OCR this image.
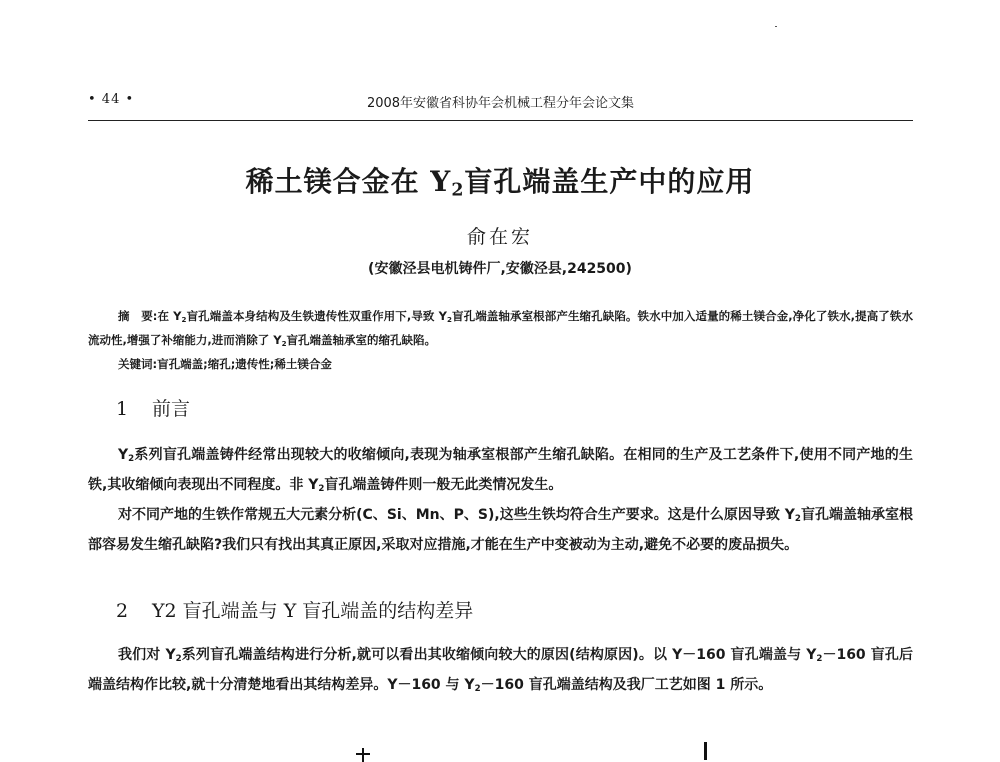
• 44 •	2008年安徽省科协年会机械工程分年会论文集
稀土镁合金在 $Y_2$盲孔端盖生产中的应用
俞在宏
(安徽泾县电机铸件厂,安徽泾县,242500)
摘　要:在 $Y_2$盲孔端盖本身结构及生铁遗传性双重作用下,导致 $Y_2$盲孔端盖轴承室根部产生缩孔缺陷。铁水中加入适量的稀土镁合金,净化了铁水,提高了铁水流动性,增强了补缩能力,进而消除了 $Y_2$盲孔端盖轴承室的缩孔缺陷。
关键词:盲孔端盖;缩孔;遗传性;稀土镁合金
1 前言

$Y_2$系列盲孔端盖铸件经常出现较大的收缩倾向,表现为轴承室根部产生缩孔缺陷。在相同的生产及工艺条件下,使用不同产地的生铁,其收缩倾向表现出不同程度。非 $Y_2$盲孔端盖铸件则一般无此类情况发生。

对不同产地的生铁作常规五大元素分析(C、Si、Mn、P、S),这些生铁均符合生产要求。这是什么原因导致 $Y_2$盲孔端盖轴承室根部容易发生缩孔缺陷?我们只有找出其真正原因,采取对应措施,才能在生产中变被动为主动,避免不必要的废品损失。

2 Y2 盲孔端盖与 Y 盲孔端盖的结构差异

我们对 $Y_2$系列盲孔端盖结构进行分析,就可以看出其收缩倾向较大的原因(结构原因)。以 Y－160 盲孔端盖与 $Y_2-160$ 盲孔后端盖结构作比较,就十分清楚地看出其结构差异。Y－160 与 $Y_2-160$ 盲孔端盖结构及我厂工艺如图 1 所示。
